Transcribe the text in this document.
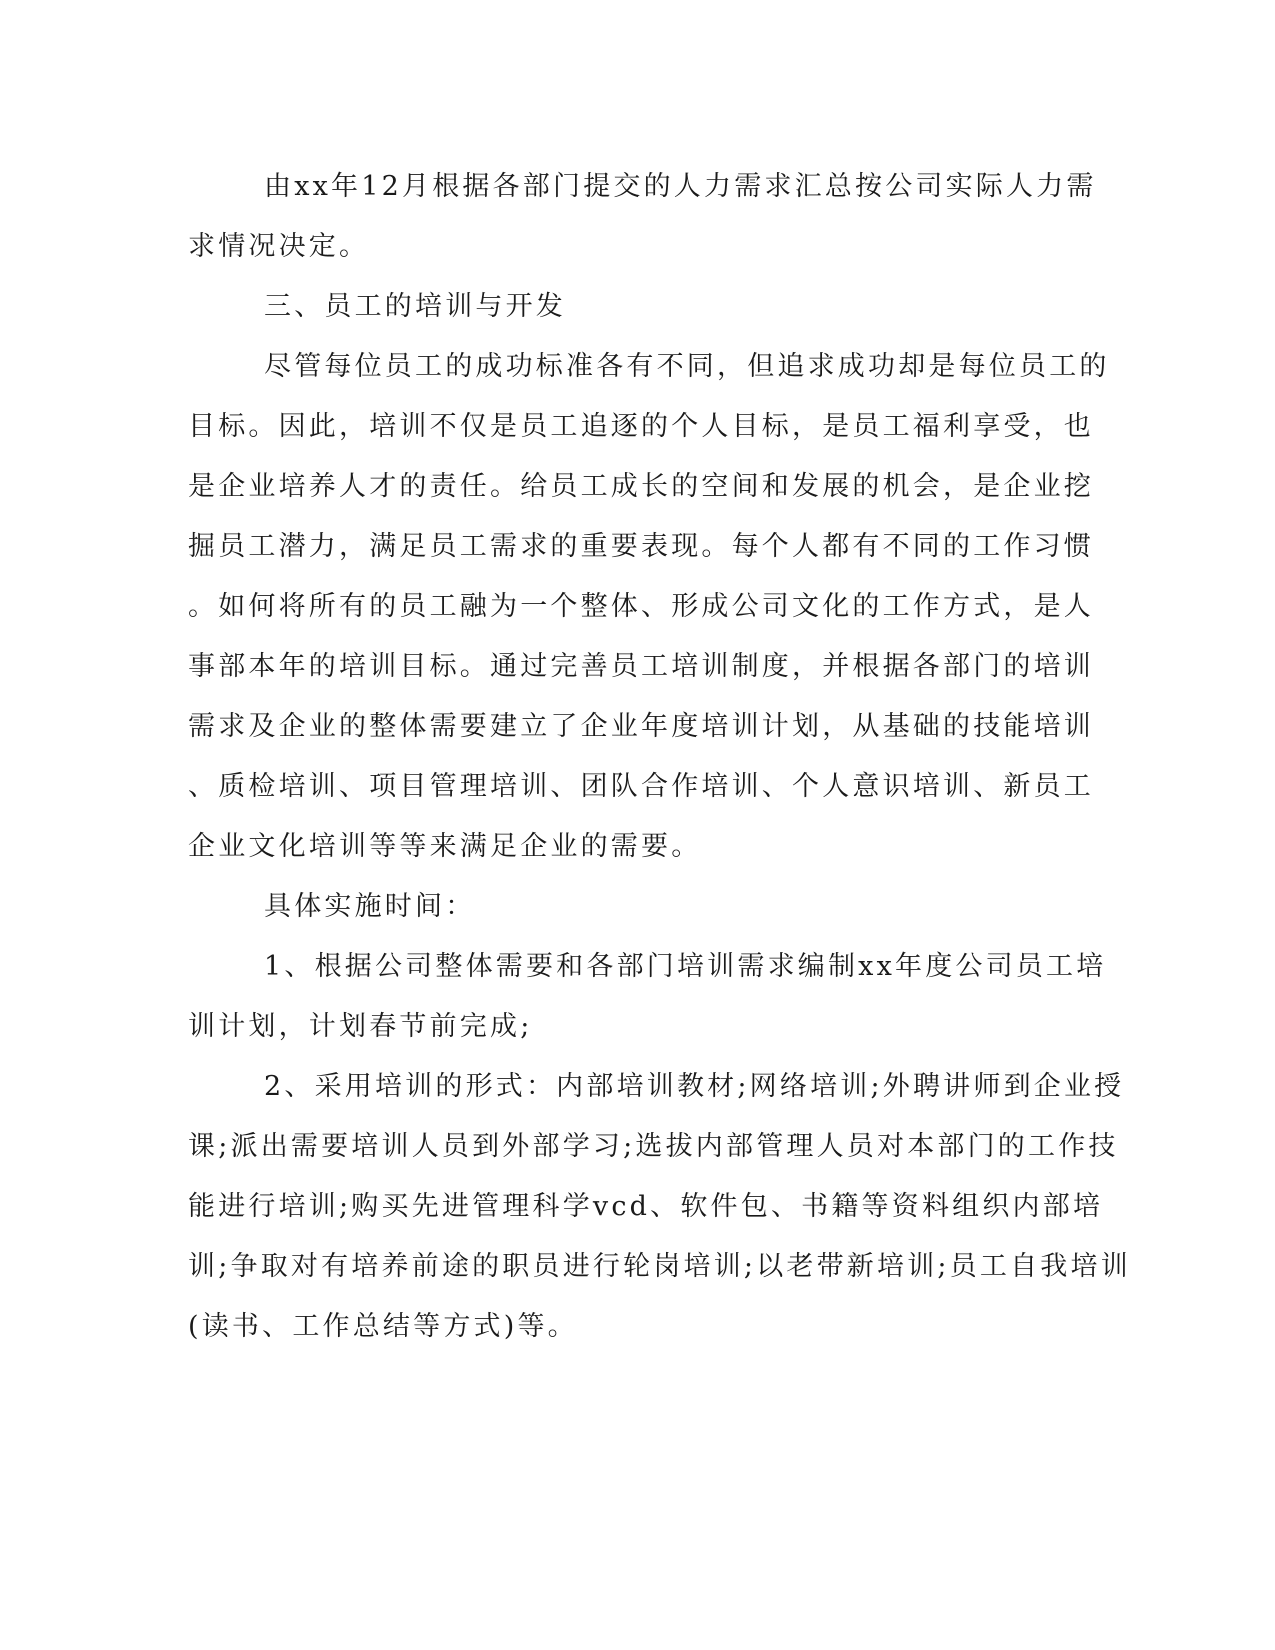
由xx年12月根据各部门提交的人力需求汇总按公司实际人力需
求情况决定。
三、员工的培训与开发
尽管每位员工的成功标准各有不同，但追求成功却是每位员工的
目标。因此，培训不仅是员工追逐的个人目标，是员工福利享受，也
是企业培养人才的责任。给员工成长的空间和发展的机会，是企业挖
掘员工潜力，满足员工需求的重要表现。每个人都有不同的工作习惯
。如何将所有的员工融为一个整体、形成公司文化的工作方式，是人
事部本年的培训目标。通过完善员工培训制度，并根据各部门的培训
需求及企业的整体需要建立了企业年度培训计划，从基础的技能培训
、质检培训、项目管理培训、团队合作培训、个人意识培训、新员工
企业文化培训等等来满足企业的需要。
具体实施时间：
1、根据公司整体需要和各部门培训需求编制xx年度公司员工培
训计划，计划春节前完成;
2、采用培训的形式：内部培训教材;网络培训;外聘讲师到企业授
课;派出需要培训人员到外部学习;选拔内部管理人员对本部门的工作技
能进行培训;购买先进管理科学vcd、软件包、书籍等资料组织内部培
训;争取对有培养前途的职员进行轮岗培训;以老带新培训;员工自我培训
(读书、工作总结等方式)等。
